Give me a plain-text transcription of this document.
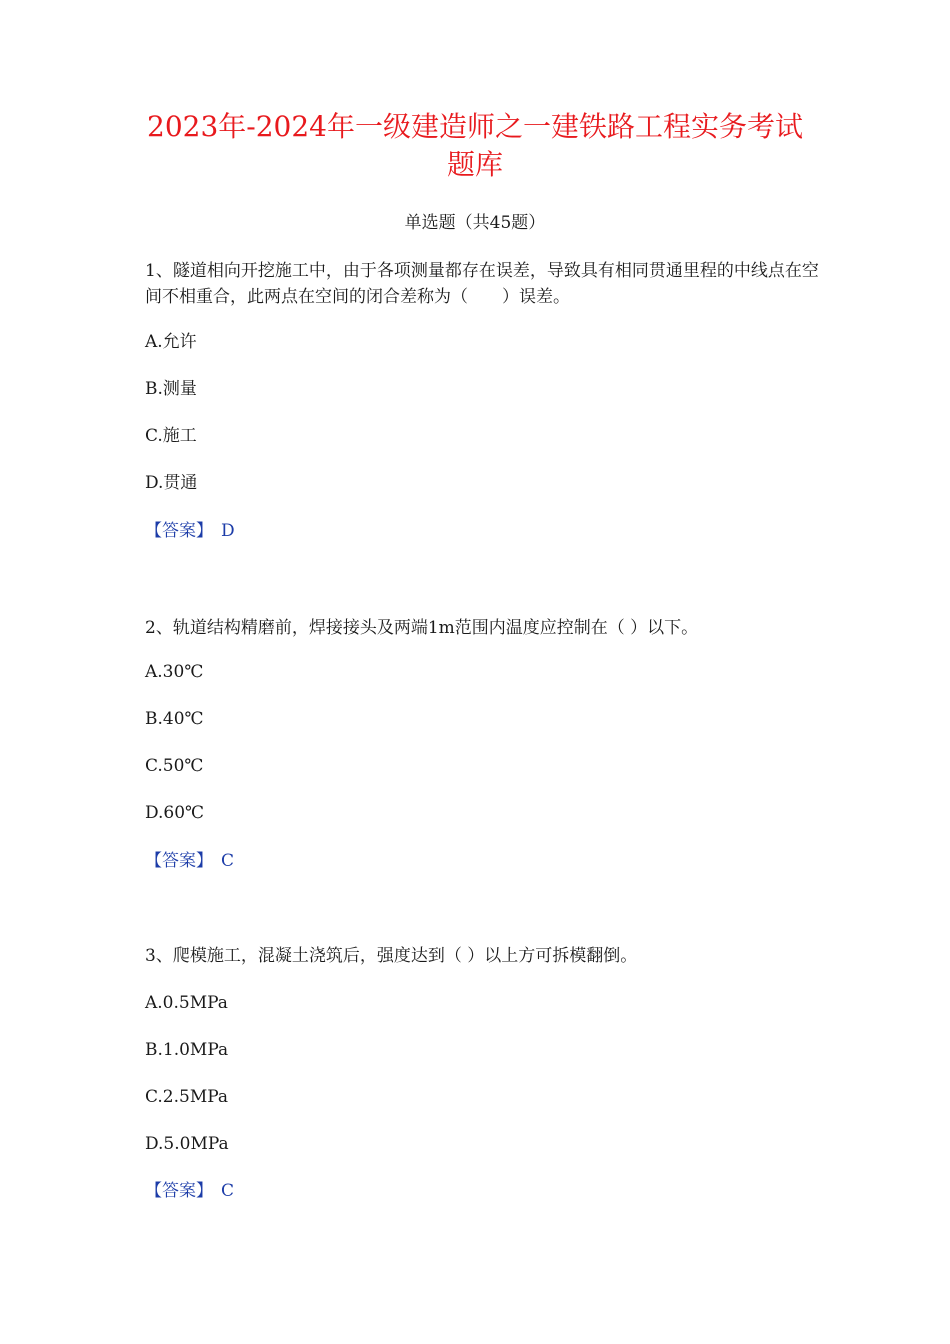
2023年-2024年一级建造师之一建铁路工程实务考试题库
单选题（共45题）

1、隧道相向开挖施工中，由于各项测量都存在误差，导致具有相同贯通里程的中线点在空间不相重合，此两点在空间的闭合差称为（　　）误差。

A.允许

B.测量

C.施工

D.贯通

【答案】 D

2、轨道结构精磨前，焊接接头及两端1m范围内温度应控制在（ ）以下。

A.30℃

B.40℃

C.50℃

D.60℃

【答案】 C

3、爬模施工，混凝土浇筑后，强度达到（ ）以上方可拆模翻倒。

A.0.5MPa

B.1.0MPa

C.2.5MPa

D.5.0MPa

【答案】 C
